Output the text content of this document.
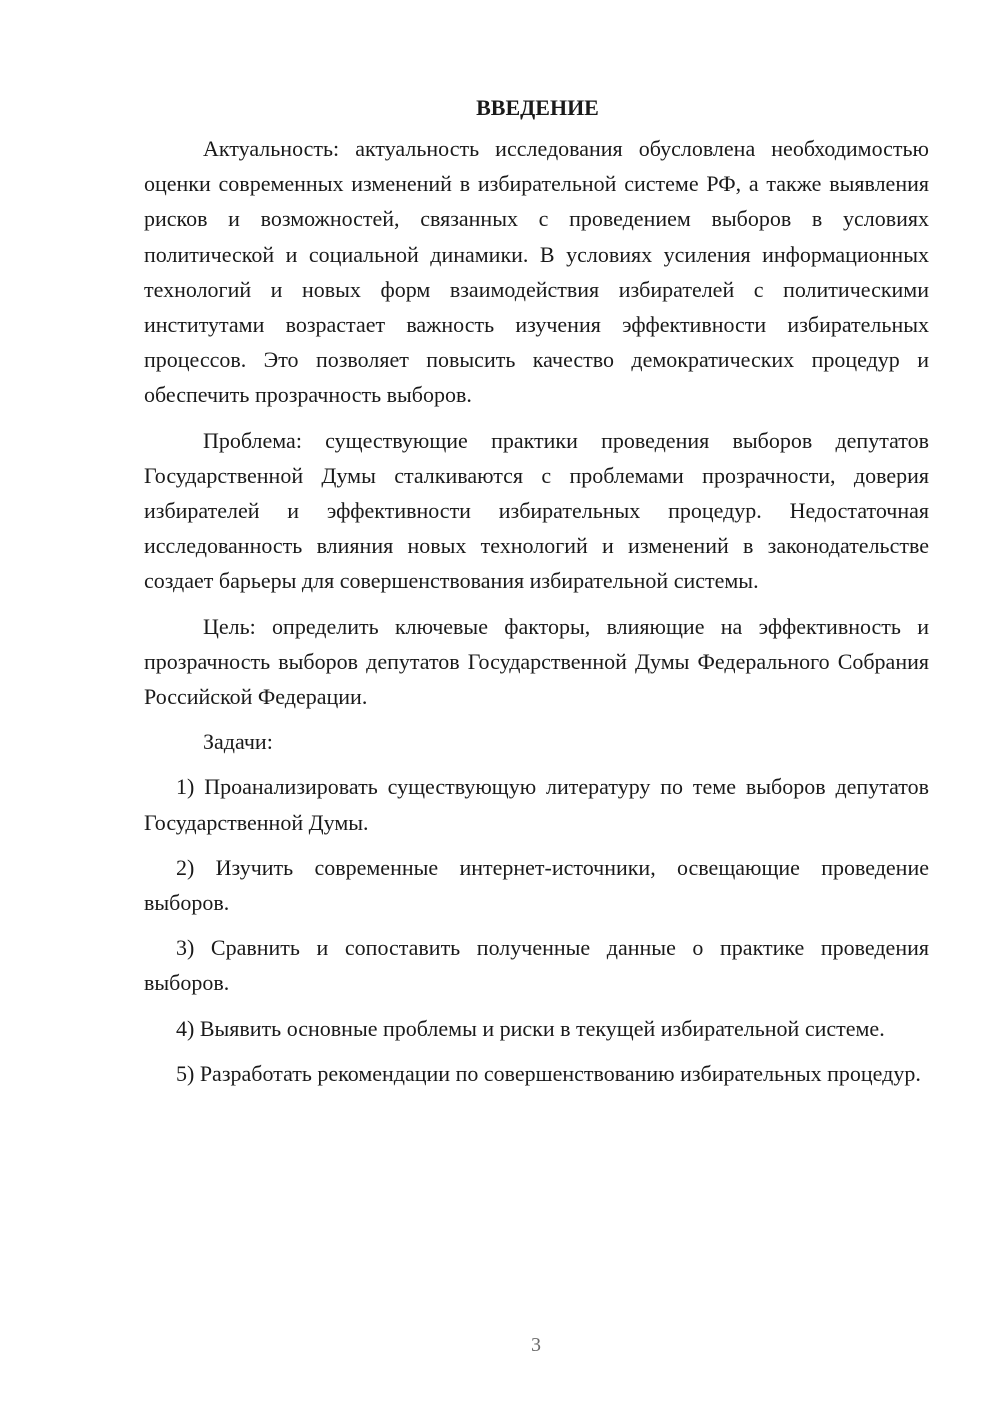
ВВЕДЕНИЕ

Актуальность: актуальность исследования обусловлена необходимостью оценки современных изменений в избирательной системе РФ, а также выявления рисков и возможностей, связанных с проведением выборов в условиях политической и социальной динамики. В условиях усиления информационных технологий и новых форм взаимодействия избирателей с политическими институтами возрастает важность изучения эффективности избирательных процессов. Это позволяет повысить качество демократических процедур и обеспечить прозрачность выборов.

Проблема: существующие практики проведения выборов депутатов Государственной Думы сталкиваются с проблемами прозрачности, доверия избирателей и эффективности избирательных процедур. Недостаточная исследованность влияния новых технологий и изменений в законодательстве создает барьеры для совершенствования избирательной системы.

Цель: определить ключевые факторы, влияющие на эффективность и прозрачность выборов депутатов Государственной Думы Федерального Собрания Российской Федерации.

Задачи:

1) Проанализировать существующую литературу по теме выборов депутатов Государственной Думы.

2) Изучить современные интернет-источники, освещающие проведение выборов.

3) Сравнить и сопоставить полученные данные о практике проведения выборов.

4) Выявить основные проблемы и риски в текущей избирательной системе.

5) Разработать рекомендации по совершенствованию избирательных процедур.

3
